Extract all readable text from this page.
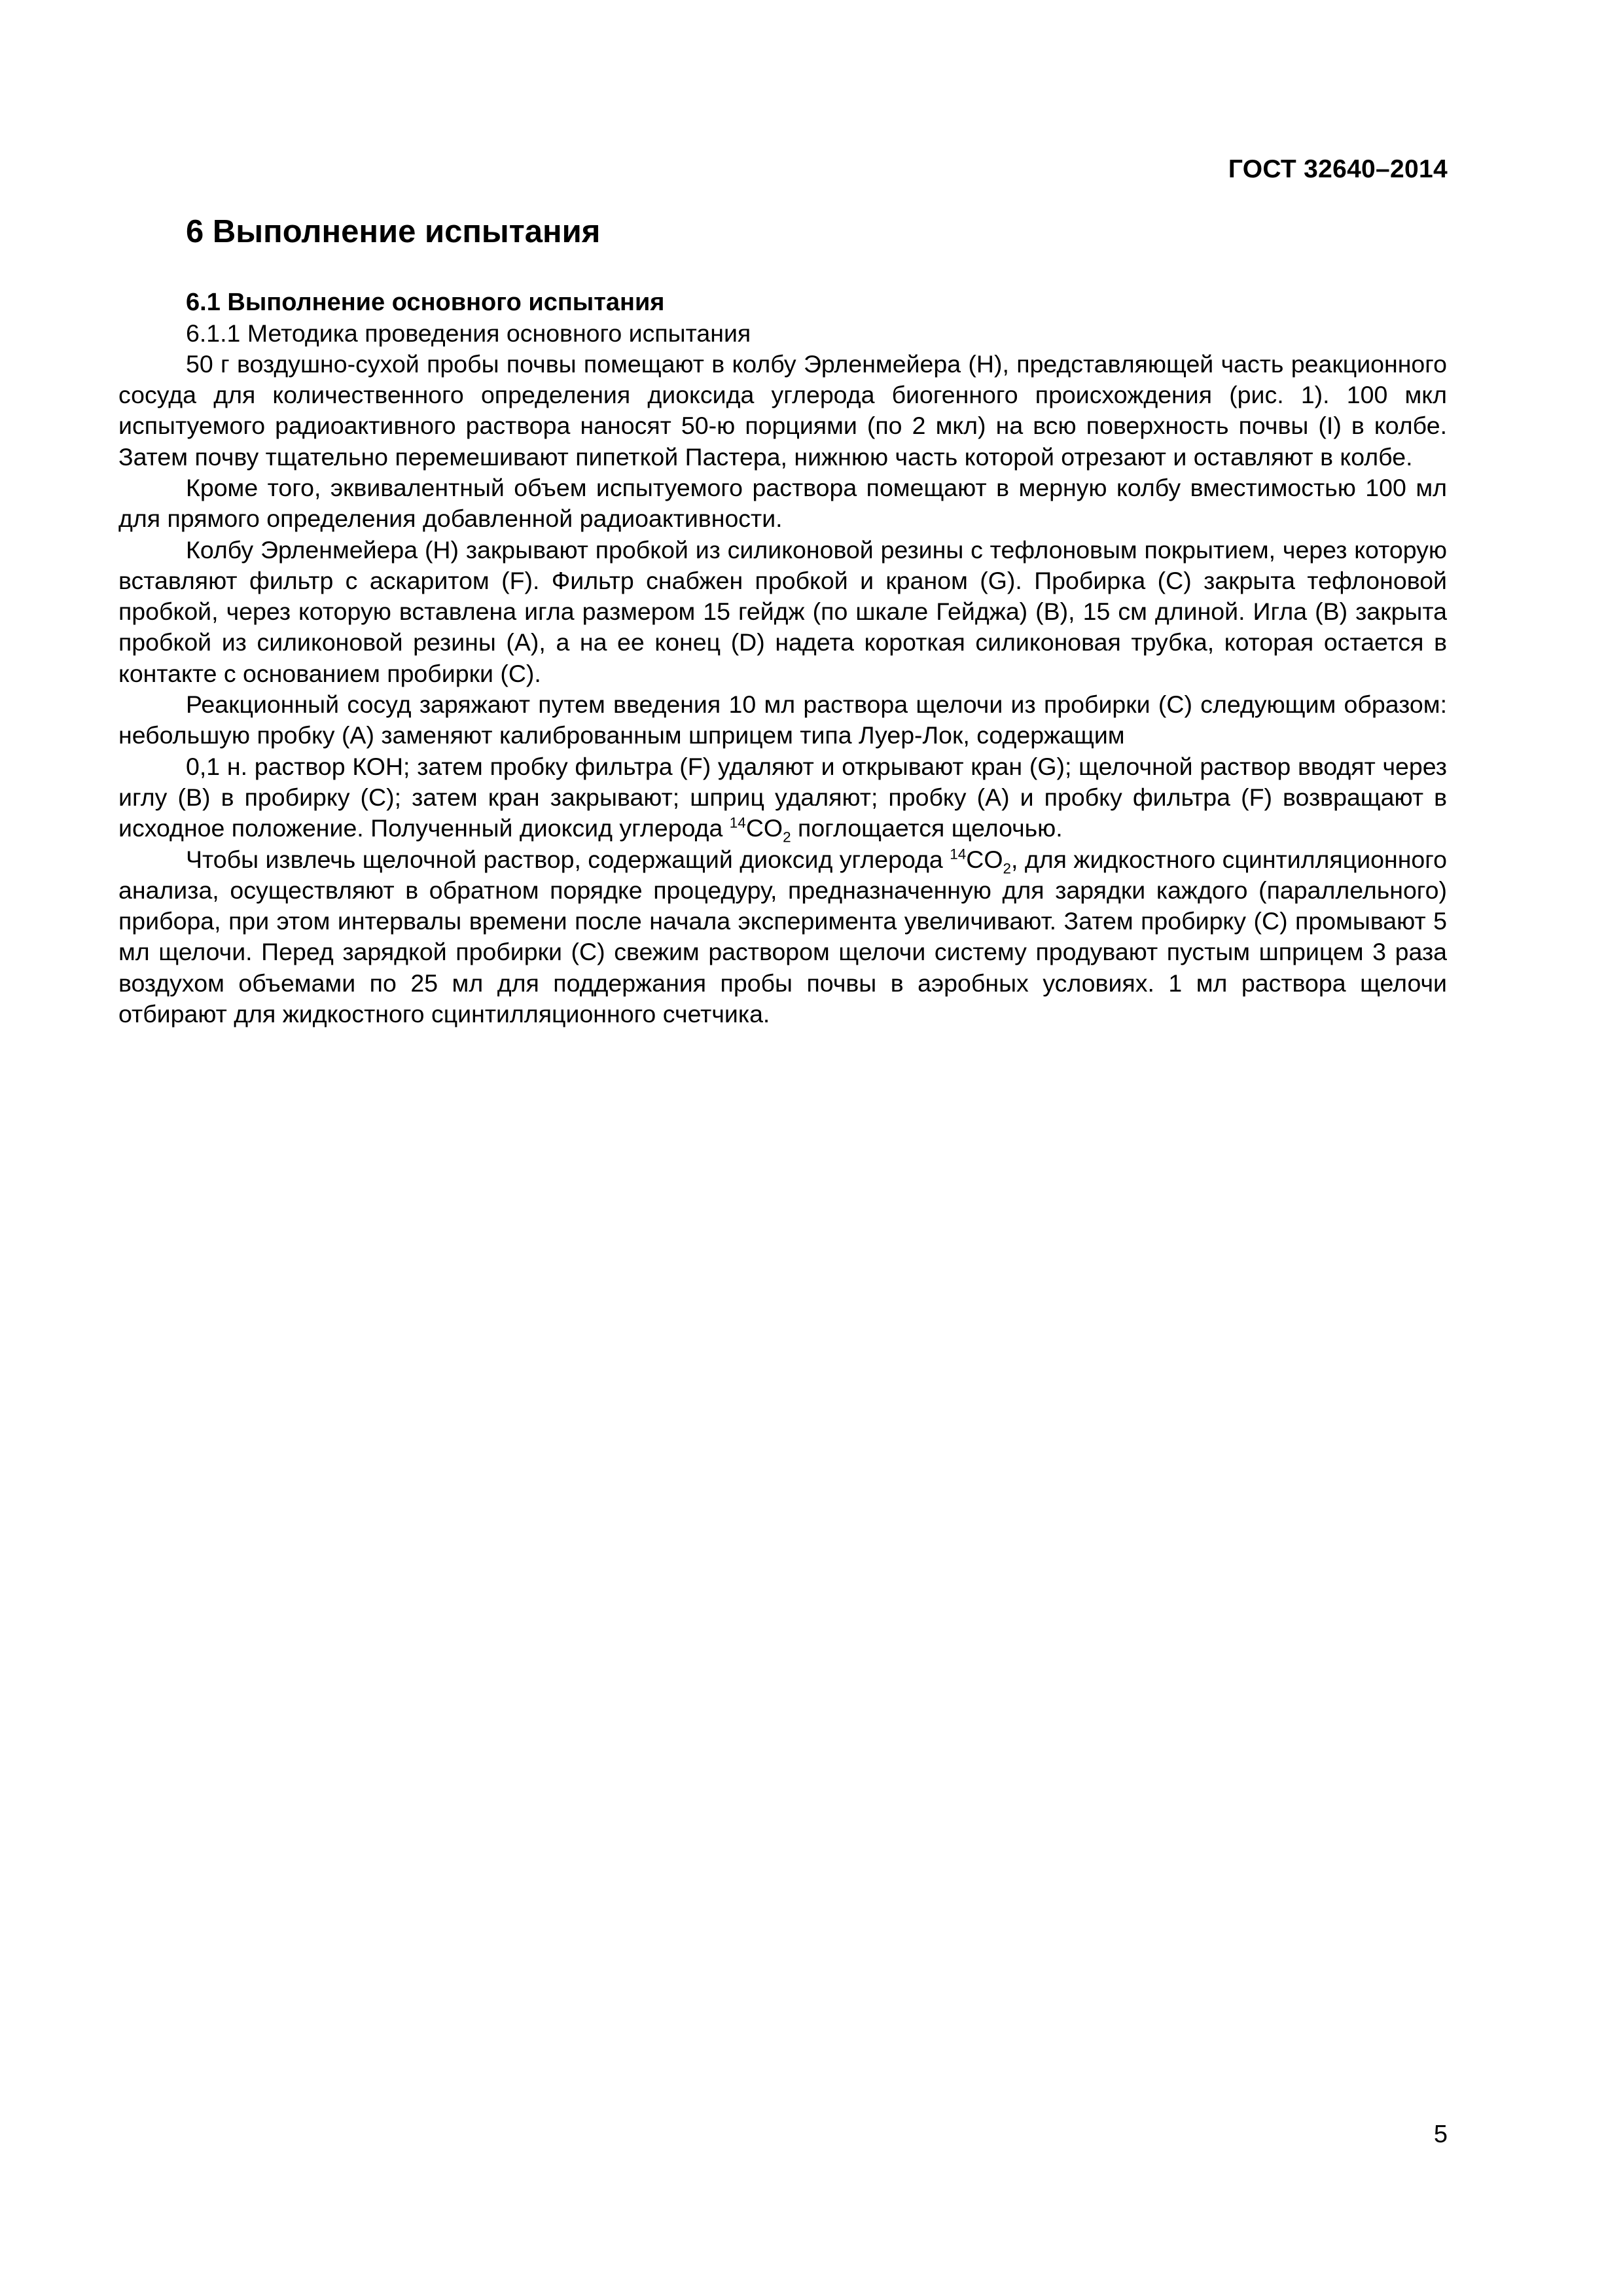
ГОСТ 32640–2014
6 Выполнение испытания
6.1 Выполнение основного испытания
6.1.1 Методика проведения основного испытания

50 г воздушно-сухой пробы почвы помещают в колбу Эрленмейера (H), представляющей часть реакционного сосуда для количественного определения диоксида углерода биогенного происхождения (рис. 1). 100 мкл испытуемого радиоактивного раствора наносят 50-ю порциями (по 2 мкл) на всю поверхность почвы (I) в колбе. Затем почву тщательно перемешивают пипеткой Пастера, нижнюю часть которой отрезают и оставляют в колбе.

Кроме того, эквивалентный объем испытуемого раствора помещают в мерную колбу вместимостью 100 мл для прямого определения добавленной радиоактивности.

Колбу Эрленмейера (H) закрывают пробкой из силиконовой резины с тефлоновым покрытием, через которую вставляют фильтр с аскаритом (F). Фильтр снабжен пробкой и краном (G). Пробирка (C) закрыта тефлоновой пробкой, через которую вставлена игла размером 15 гейдж (по шкале Гейджа) (B), 15 см длиной. Игла (B) закрыта пробкой из силиконовой резины (A), а на ее конец (D) надета короткая силиконовая трубка, которая остается в контакте с основанием пробирки (C).

Реакционный сосуд заряжают путем введения 10 мл раствора щелочи из пробирки (C) следующим образом: небольшую пробку (A) заменяют калиброванным шприцем типа Луер-Лок, содержащим

0,1 н. раствор КОН; затем пробку фильтра (F) удаляют и открывают кран (G); щелочной раствор вводят через иглу (B) в пробирку (C); затем кран закрывают; шприц удаляют; пробку (A) и пробку фильтра (F) возвращают в исходное положение. Полученный диоксид углерода $^{14}CO_2$ поглощается щелочью.

Чтобы извлечь щелочной раствор, содержащий диоксид углерода $^{14}CO_2$, для жидкостного сцинтилляционного анализа, осуществляют в обратном порядке процедуру, предназначенную для зарядки каждого (параллельного) прибора, при этом интервалы времени после начала эксперимента увеличивают. Затем пробирку (C) промывают 5 мл щелочи. Перед зарядкой пробирки (C) свежим раствором щелочи систему продувают пустым шприцем 3 раза воздухом объемами по 25 мл для поддержания пробы почвы в аэробных условиях. 1 мл раствора щелочи отбирают для жидкостного сцинтилляционного счетчика.

5
